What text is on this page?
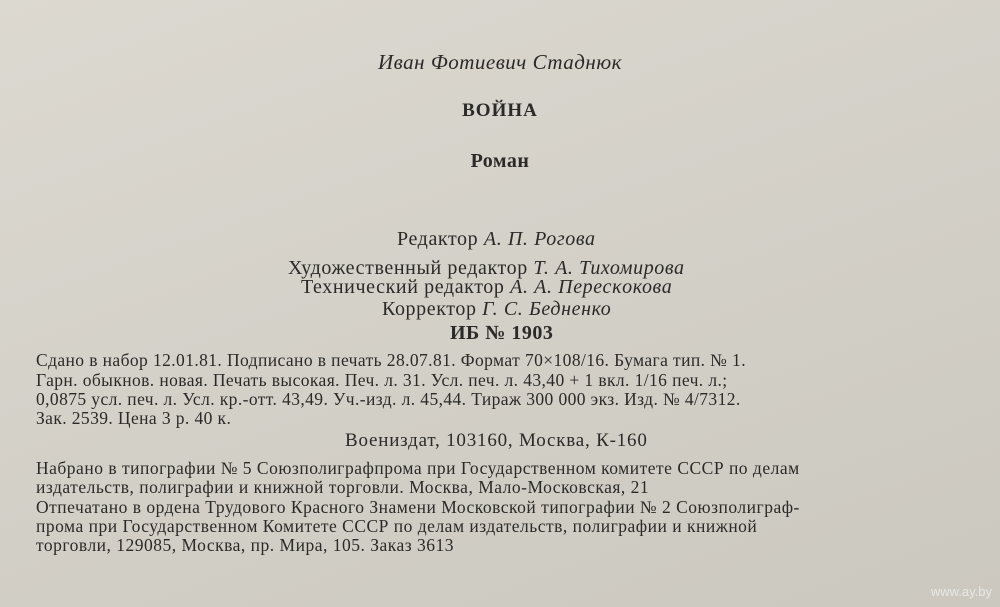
Иван Фотиевич Стаднюк
ВОЙНА
Роман
Редактор А. П. Рогова
Художественный редактор Т. А. Тихомирова
Технический редактор А. А. Пересκокова
Корректор Г. С. Бедненко
ИБ № 1903
Сдано в набор 12.01.81. Подписано в печать 28.07.81. Формат 70×108/16. Бумага тип. № 1.
Гарн. обыкнов. новая. Печать высокая. Печ. л. 31. Усл. печ. л. 43,40 + 1 вкл. 1/16 печ. л.;
0,0875 усл. печ. л. Усл. кр.-отт. 43,49. Уч.-изд. л. 45,44. Тираж 300 000 экз. Изд. № 4/7312.
Зак. 2539. Цена 3 р. 40 к.
Воениздат, 103160, Москва, К-160
Набрано в типографии № 5 Союзполиграфпрома при Государственном комитете СССР по делам
издательств, полиграфии и книжной торговли. Москва, Мало-Московская, 21
Отпечатано в ордена Трудового Красного Знамени Московской типографии № 2 Союзполиграф-
прома при Государственном Комитете СССР по делам издательств, полиграфии и книжной
торговли, 129085, Москва, пр. Мира, 105. Заказ 3613
www.ay.by
